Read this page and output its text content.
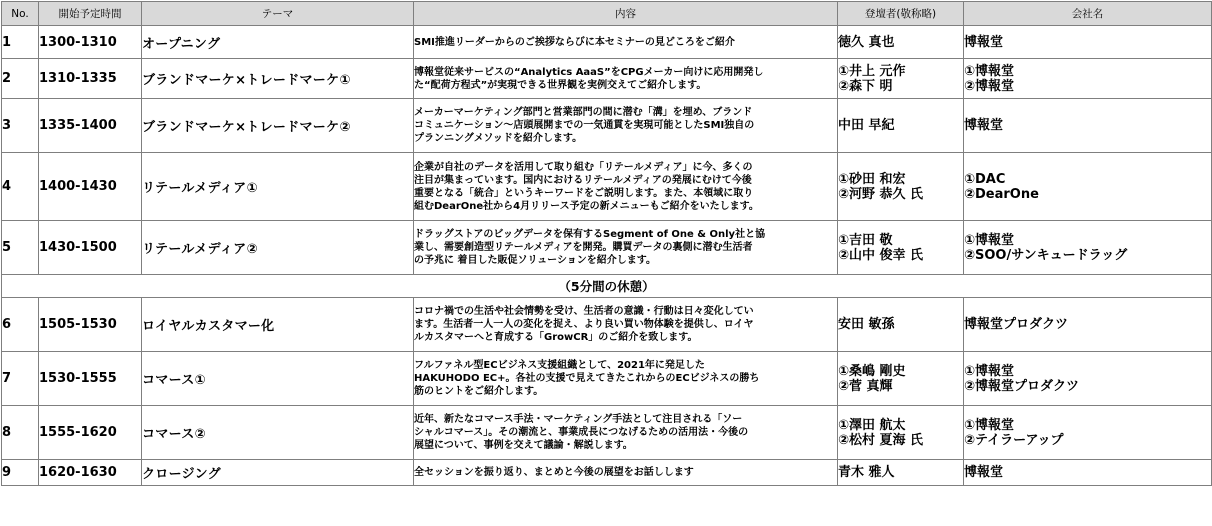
No.	開始予定時間	テーマ	内容	登壇者(敬称略)	会社名
1	1300-1310	オープニング	SMI推進リーダーからのご挨拶ならびに本セミナーの見どころをご紹介	徳久 真也	博報堂

2	1310-1335	ブランドマーケ×トレードマーケ①	博報堂従来サービスの“Analytics AaaS”をCPGメーカー向けに応用開発し
た“配荷方程式”が実現できる世界観を実例交えてご紹介します。	①井上 元作
②森下 明	①博報堂
②博報堂

3	1335-1400	ブランドマーケ×トレードマーケ②	メーカーマーケティング部門と営業部門の間に潜む「溝」を埋め、ブランド
コミュニケーション～店頭展開までの一気通貫を実現可能としたSMI独自の
プランニングメソッドを紹介します。	中田 早紀	博報堂

4	1400-1430	リテールメディア①	企業が自社のデータを活用して取り組む「リテールメディア」に今、多くの
注目が集まっています。国内におけるリテールメディアの発展にむけて今後
重要となる「統合」というキーワードをご説明します。また、本領域に取り
組むDearOne社から4月リリース予定の新メニューもご紹介をいたします。	①砂田 和宏
②河野 恭久 氏	①DAC
②DearOne

5	1430-1500	リテールメディア②	ドラッグストアのビッグデータを保有するSegment of One & Only社と協
業し、需要創造型リテールメディアを開発。購買データの裏側に潜む生活者
の予兆に 着目した販促ソリューションを紹介します。	①吉田 敬
②山中 俊幸 氏	①博報堂
②SOO/サンキュードラッグ

（5分間の休憩）					
6	1505-1530	ロイヤルカスタマー化	コロナ禍での生活や社会情勢を受け、生活者の意識・行動は日々変化してい
ます。生活者一人一人の変化を捉え、より良い買い物体験を提供し、ロイヤ
ルカスタマーへと育成する「GrowCR」のご紹介を致します。	安田 敏孫	博報堂プロダクツ

7	1530-1555	コマース①	フルファネル型ECビジネス支援組織として、2021年に発足した
HAKUHODO EC+。各社の支援で見えてきたこれからのECビジネスの勝ち
筋のヒントをご紹介します。	①桑嶋 剛史
②菅 真輝	①博報堂
②博報堂プロダクツ

8	1555-1620	コマース②	近年、新たなコマース手法・マーケティング手法として注目される「ソー
シャルコマース」。その潮流と、事業成長につなげるための活用法・今後の
展望について、事例を交えて議論・解説します。	①澤田 航太
②松村 夏海 氏	①博報堂
②テイラーアップ

9	1620-1630	クロージング	全セッションを振り返り、まとめと今後の展望をお話しします	青木 雅人	博報堂
